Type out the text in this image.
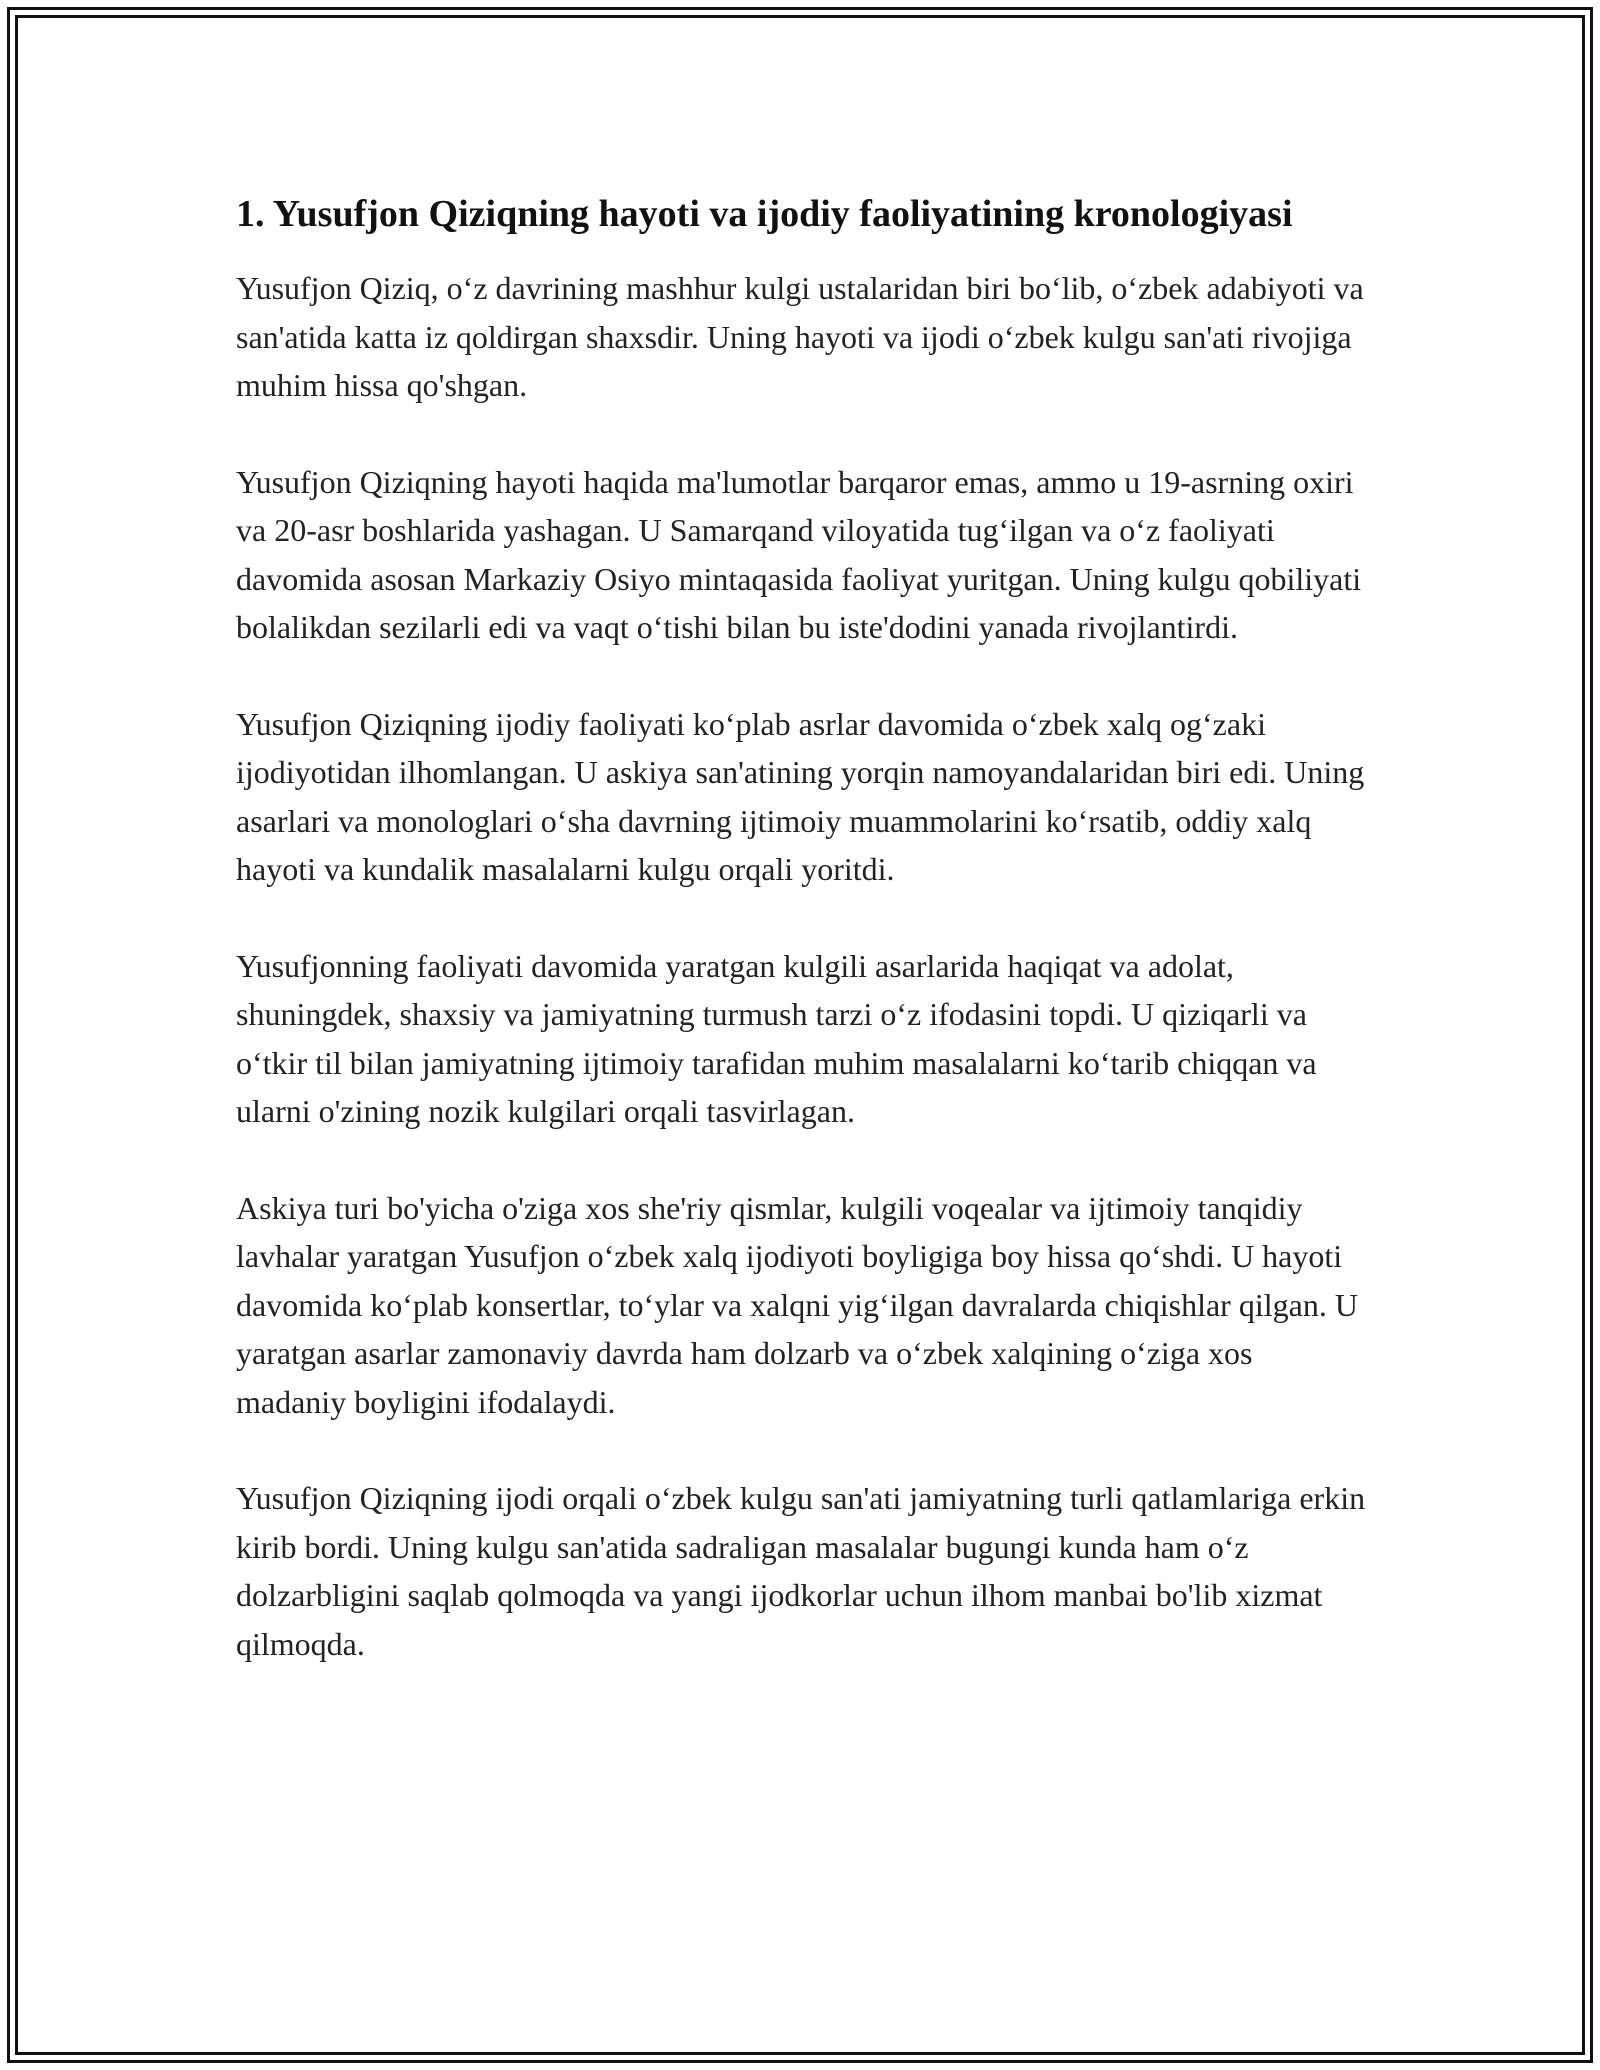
1. Yusufjon Qiziqning hayoti va ijodiy faoliyatining kronologiyasi

Yusufjon Qiziq, o‘z davrining mashhur kulgi ustalaridan biri bo‘lib, o‘zbek adabiyoti va san'atida katta iz qoldirgan shaxsdir. Uning hayoti va ijodi o‘zbek kulgu san'ati rivojiga muhim hissa qo'shgan.

Yusufjon Qiziqning hayoti haqida ma'lumotlar barqaror emas, ammo u 19-asrning oxiri va 20-asr boshlarida yashagan. U Samarqand viloyatida tug‘ilgan va o‘z faoliyati davomida asosan Markaziy Osiyo mintaqasida faoliyat yuritgan. Uning kulgu qobiliyati bolalikdan sezilarli edi va vaqt o‘tishi bilan bu iste'dodini yanada rivojlantirdi.

Yusufjon Qiziqning ijodiy faoliyati ko‘plab asrlar davomida o‘zbek xalq og‘zaki ijodiyotidan ilhomlangan. U askiya san'atining yorqin namoyandalaridan biri edi. Uning asarlari va monologlari o‘sha davrning ijtimoiy muammolarini ko‘rsatib, oddiy xalq hayoti va kundalik masalalarni kulgu orqali yoritdi.

Yusufjonning faoliyati davomida yaratgan kulgili asarlarida haqiqat va adolat, shuningdek, shaxsiy va jamiyatning turmush tarzi o‘z ifodasini topdi. U qiziqarli va o‘tkir til bilan jamiyatning ijtimoiy tarafidan muhim masalalarni ko‘tarib chiqqan va ularni o'zining nozik kulgilari orqali tasvirlagan.

Askiya turi bo'yicha o'ziga xos she'riy qismlar, kulgili voqealar va ijtimoiy tanqidiy lavhalar yaratgan Yusufjon o‘zbek xalq ijodiyoti boyligiga boy hissa qo‘shdi. U hayoti davomida ko‘plab konsertlar, to‘ylar va xalqni yig‘ilgan davralarda chiqishlar qilgan. U yaratgan asarlar zamonaviy davrda ham dolzarb va o‘zbek xalqining o‘ziga xos madaniy boyligini ifodalaydi.

Yusufjon Qiziqning ijodi orqali o‘zbek kulgu san'ati jamiyatning turli qatlamlariga erkin kirib bordi. Uning kulgu san'atida sadraligan masalalar bugungi kunda ham o‘z dolzarbligini saqlab qolmoqda va yangi ijodkorlar uchun ilhom manbai bo'lib xizmat qilmoqda.
